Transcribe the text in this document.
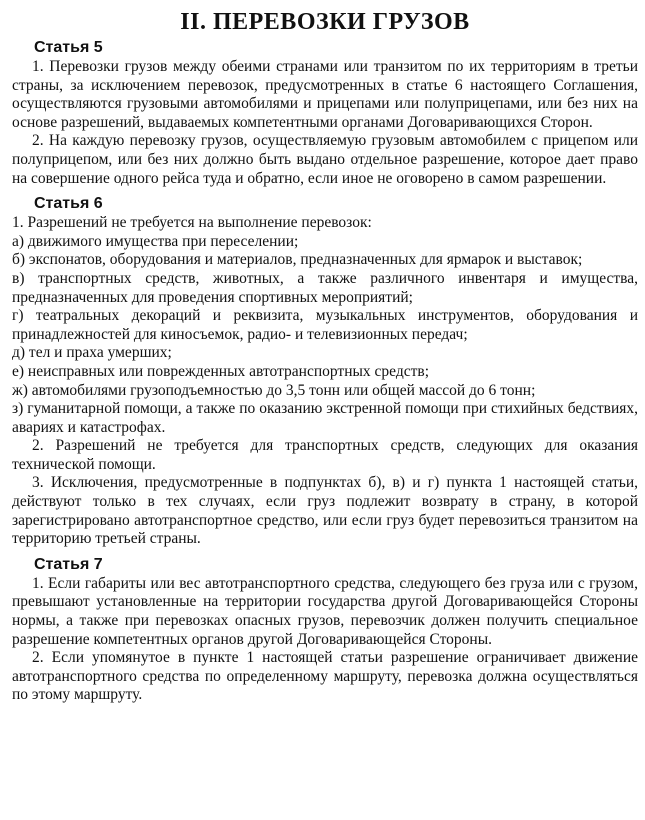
II. ПЕРЕВОЗКИ ГРУЗОВ
Статья 5

1. Перевозки грузов между обеими странами или транзитом по их территориям в третьи страны, за исключением перевозок, предусмотренных в статье 6 настоящего Соглашения, осуществляются грузовыми автомобилями и прицепами или полуприцепами, или без них на основе разрешений, выдаваемых компетентными органами Договаривающихся Сторон.

2. На каждую перевозку грузов, осуществляемую грузовым автомобилем с прицепом или полуприцепом, или без них должно быть выдано отдельное разрешение, которое дает право на совершение одного рейса туда и обратно, если иное не оговорено в самом разрешении.

Статья 6

1. Разрешений не требуется на выполнение перевозок:

а) движимого имущества при переселении;

б) экспонатов, оборудования и материалов, предназначенных для ярмарок и выставок;

в) транспортных средств, животных, а также различного инвентаря и имущества, предназначенных для проведения спортивных мероприятий;

г) театральных декораций и реквизита, музыкальных инструментов, оборудования и принадлежностей для киносъемок, радио- и телевизионных передач;

д) тел и праха умерших;

е) неисправных или поврежденных автотранспортных средств;

ж) автомобилями грузоподъемностью до 3,5 тонн или общей массой до 6 тонн;

з) гуманитарной помощи, а также по оказанию экстренной помощи при стихийных бедствиях, авариях и катастрофах.

2. Разрешений не требуется для транспортных средств, следующих для оказания технической помощи.

3. Исключения, предусмотренные в подпунктах б), в) и г) пункта 1 настоящей статьи, действуют только в тех случаях, если груз подлежит возврату в страну, в которой зарегистрировано автотранспортное средство, или если груз будет перевозиться транзитом на территорию третьей страны.

Статья 7

1. Если габариты или вес автотранспортного средства, следующего без груза или с грузом, превышают установленные на территории государства другой Договаривающейся Стороны нормы, а также при перевозках опасных грузов, перевозчик должен получить специальное разрешение компетентных органов другой Договаривающейся Стороны.

2. Если упомянутое в пункте 1 настоящей статьи разрешение ограничивает движение автотранспортного средства по определенному маршруту, перевозка должна осуществляться по этому маршруту.
